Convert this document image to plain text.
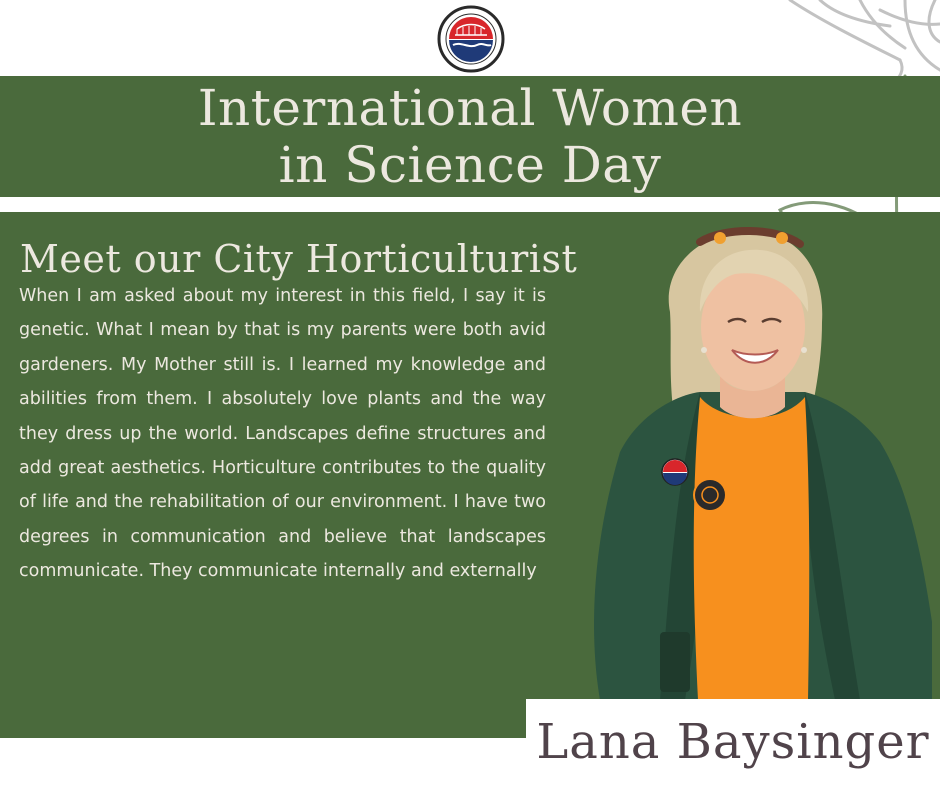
International Women
in Science Day
Meet our City Horticulturist

When I am asked about my interest in this field, I say it is genetic. What I mean by that is my parents were both avid gardeners. My Mother still is. I learned my knowledge and abilities from them. I absolutely love plants and the way they dress up the world. Landscapes define structures and add great aesthetics. Horticulture contributes to the quality of life and the rehabilitation of our environment. I have two degrees in communication and believe that landscapes communicate. They communicate internally and externally

Lana Baysinger
